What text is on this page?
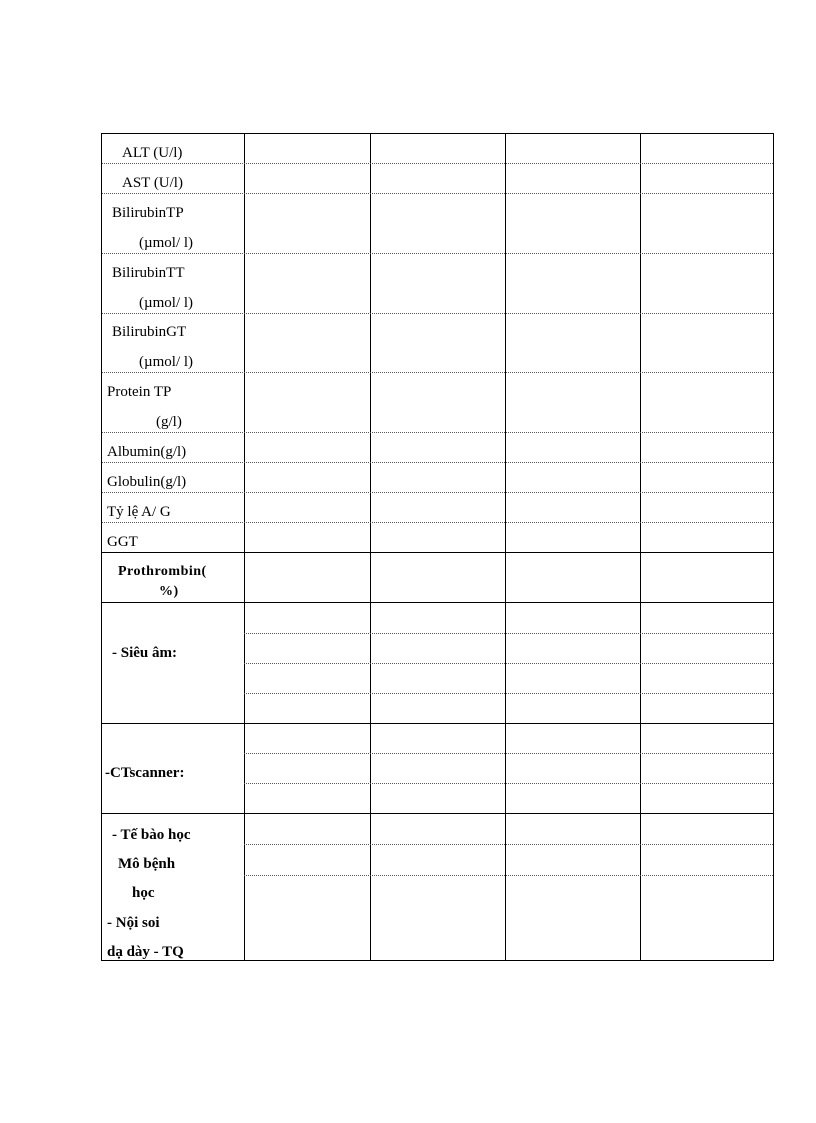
ALT (U/l)
AST (U/l)
BilirubinTP
(µmol/ l)
BilirubinTT
(µmol/ l)
BilirubinGT
(µmol/ l)
Protein TP
(g/l)
Albumin(g/l)
Globulin(g/l)
Tỷ lệ A/ G
GGT
Prothrombin(
%)
- Siêu âm:
-CTscanner:
- Tế bào học
Mô bệnh
học
- Nội soi
dạ dày - TQ
